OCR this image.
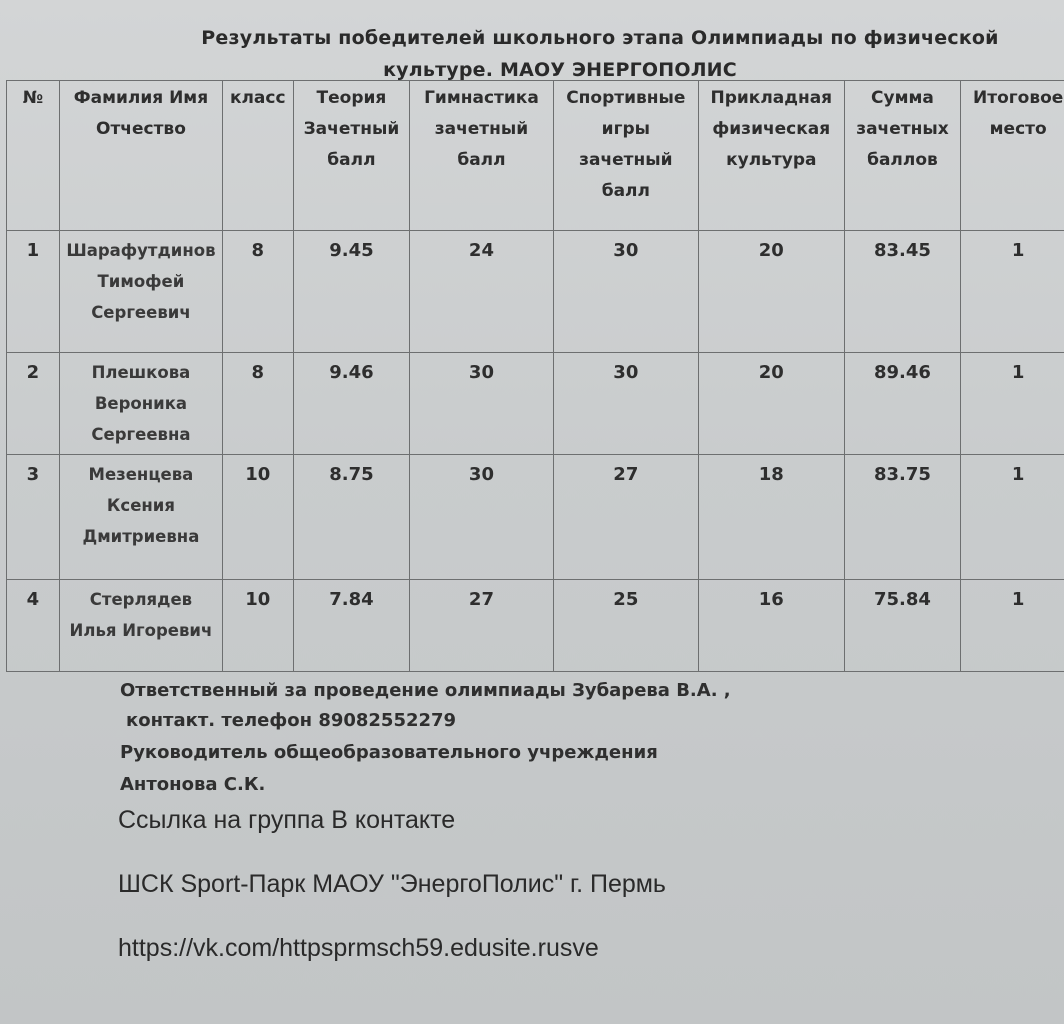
Результаты победителей школьного этапа Олимпиады по физической
культуре. МАОУ ЭНЕРГОПОЛИС
№	Фамилия Имя Отчество	класс	Теория Зачетный балл	Гимнастика зачетный балл	Спортивные игры зачетный балл	Прикладная физическая культура	Сумма зачетных баллов	Итоговое место
1	Шарафутдинов Тимофей Сергеевич	8	9.45	24	30	20	83.45	1
2	Плешкова Вероника Сергеевна	8	9.46	30	30	20	89.46	1
3	Мезенцева Ксения Дмитриевна	10	8.75	30	27	18	83.75	1
4	Стерлядев Илья Игоревич	10	7.84	27	25	16	75.84	1
Ответственный за проведение олимпиады Зубарева В.А. ,
контакт. телефон 89082552279
Руководитель общеобразовательного учреждения
Антонова С.К.
Ссылка на группа В контакте
ШСК Sport-Парк МАОУ "ЭнергоПолис" г. Пермь
https://vk.com/httpsprmsch59.edusite.rusve
